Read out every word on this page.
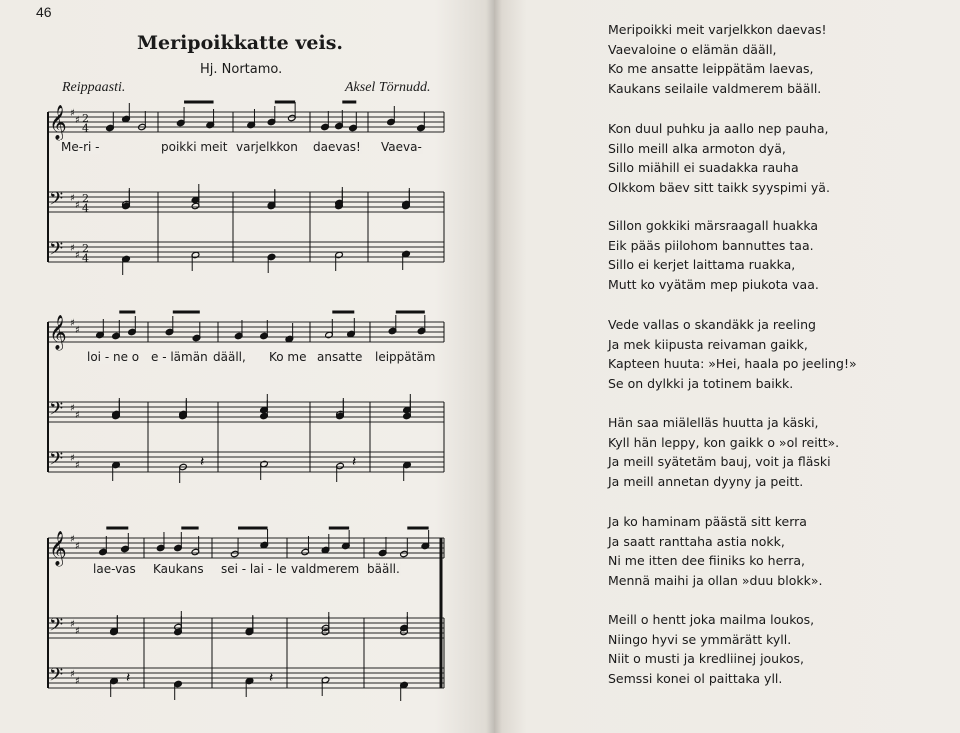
46
Meripoikkatte veis.
Hj. Nortamo.
Reippaasti.	Aksel Törnudd.
𝄞
𝄢
𝄢
♯
♯
♯
♯
♯
♯
2
4
2
4
2
4
𝄞
𝄢
𝄢
♯
♯
♯
♯
♯
♯	𝄽	𝄽
𝄞
𝄢
𝄢
♯
♯
♯
♯
♯
♯	𝄽	𝄽
Me-ri -	poikki meit varjelkkon daevas! Vaeva-
loi - ne o e - lämän dääll, Ko me ansatte leippätäm
lae-vas Kaukans sei - lai - le valdmerem bääll.
Meripoikki meit varjelkkon daevas!
Vaevaloine o elämän dääll,
Ko me ansatte leippätäm laevas,
Kaukans seilaile valdmerem bääll.
Kon duul puhku ja aallo nep pauha,
Sillo meill alka armoton dyä,
Sillo miähill ei suadakka rauha
Olkkom bäev sitt taikk syyspimi yä.
Sillon gokkiki märsraagall huakka
Eik pääs piilohom bannuttes taa.
Sillo ei kerjet laittama ruakka,
Mutt ko vyätäm mep piukota vaa.
Vede vallas o skandäkk ja reeling
Ja mek kiipusta reivaman gaikk,
Kapteen huuta: »Hei, haala po jeeling!»
Se on dylkki ja totinem baikk.
Hän saa miälelläs huutta ja käski,
Kyll hän leppy, kon gaikk o »ol reitt».
Ja meill syätetäm bauj, voit ja fläski
Ja meill annetan dyyny ja peitt.
Ja ko haminam päästä sitt kerra
Ja saatt ranttaha astia nokk,
Ni me itten dee fiiniks ko herra,
Mennä maihi ja ollan »duu blokk».
Meill o hentt joka mailma loukos,
Niingo hyvi se ymmärätt kyll.
Niit o musti ja kredliinej joukos,
Semssi konei ol paittaka yll.
